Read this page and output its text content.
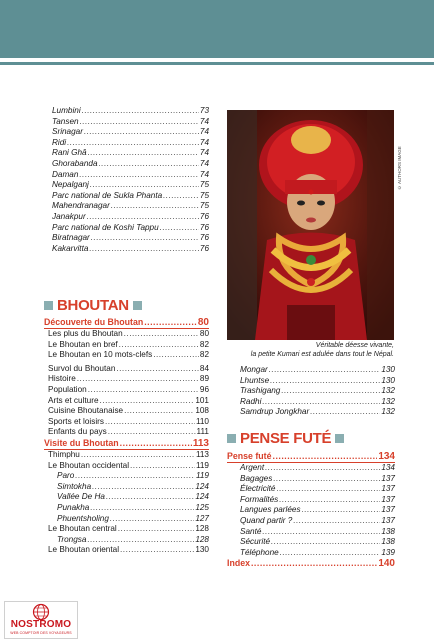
Lumbini .....	73
Tansen .....	74
Srinagar .....	74
Ridi .....	74
Rani Ghâ .....	74
Ghorabanda .....	74
Daman .....	74
Nepalganj .....	75
Parc national de Sukla Phanta .....	75
Mahendranagar .....	75
Janakpur .....	76
Parc national de Koshi Tappu .....	76
Biratnagar .....	76
Kakarvitta .....	76
BHOUTAN
Découverte du Bhoutan .....	80
Les plus du Bhoutan .....	80
Le Bhoutan en bref .....	82
Le Bhoutan en 10 mots-clefs .....	82
Survol du Bhoutan .....	84
Histoire .....	89
Population .....	96
Arts et culture .....	101
Cuisine Bhoutanaise .....	108
Sports et loisirs .....	110
Enfants du pays .....	111
Visite du Bhoutan .....	113
Thimphu .....	113
Le Bhoutan occidental .....	119
Paro .....	119
Simtokha .....	124
Vallée De Ha .....	124
Punakha .....	125
Phuentsholing .....	127
Le Bhoutan central .....	128
Trongsa .....	128
Le Bhoutan oriental .....	130
© AUTHORS IMAGE
Véritable déesse vivante,
la petite Kumari est adulée dans tout le Népal.
Mongar .....	130
Lhuntse .....	130
Trashigang .....	132
Radhi .....	132
Samdrup Jongkhar .....	132
PENSE FUTÉ
Pense futé .....	134
Argent .....	134
Bagages .....	137
Électricité .....	137
Formalités .....	137
Langues parlées .....	137
Quand partir ? .....	137
Santé .....	138
Sécurité .....	138
Téléphone .....	139
Index .....	140
NOSTROMO
WEB COMPTOIR DES VOYAGEURS
